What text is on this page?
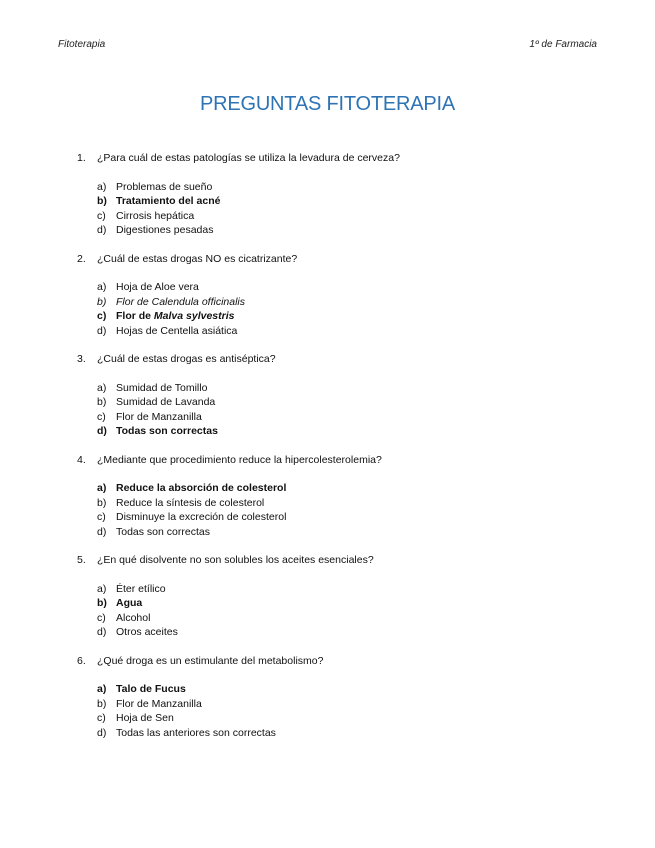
Fitoterapia	1º de Farmacia
PREGUNTAS FITOTERAPIA
1. ¿Para cuál de estas patologías se utiliza la levadura de cerveza?
a) Problemas de sueño
b) Tratamiento del acné
c) Cirrosis hepática
d) Digestiones pesadas
2. ¿Cuál de estas drogas NO es cicatrizante?
a) Hoja de Aloe vera
b) Flor de Calendula officinalis
c) Flor de Malva sylvestris
d) Hojas de Centella asiática
3. ¿Cuál de estas drogas es antiséptica?
a) Sumidad de Tomillo
b) Sumidad de Lavanda
c) Flor de Manzanilla
d) Todas son correctas
4. ¿Mediante que procedimiento reduce la hipercolesterolemia?
a) Reduce la absorción de colesterol
b) Reduce la síntesis de colesterol
c) Disminuye la excreción de colesterol
d) Todas son correctas
5. ¿En qué disolvente no son solubles los aceites esenciales?
a) Éter etílico
b) Agua
c) Alcohol
d) Otros aceites
6. ¿Qué droga es un estimulante del metabolismo?
a) Talo de Fucus
b) Flor de Manzanilla
c) Hoja de Sen
d) Todas las anteriores son correctas
